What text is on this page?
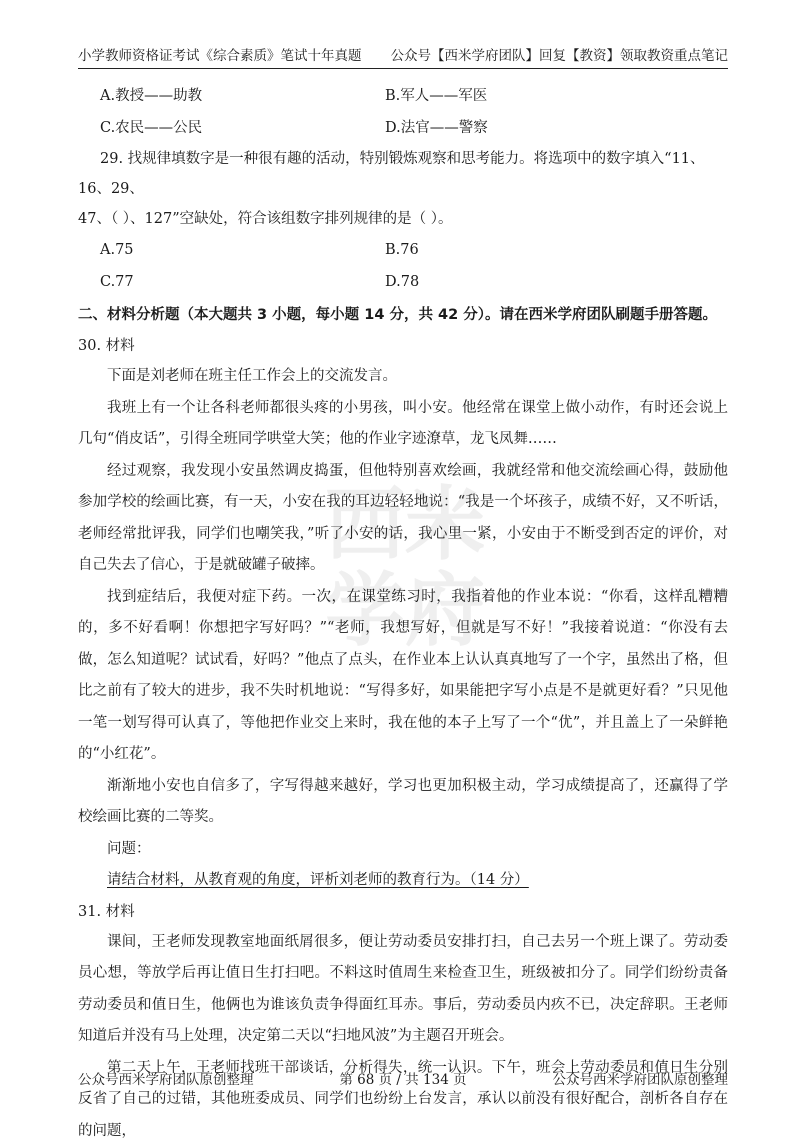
小学教师资格证考试《综合素质》笔试十年真题 公众号【西米学府团队】回复【教资】领取教资重点笔记
西米
学府
A.教授——助教	B.军人——军医
C.农民——公民	D.法官——警察

29. 找规律填数字是一种很有趣的活动，特别锻炼观察和思考能力。将选项中的数字填入“11、16、29、

47、（ ）、127”空缺处，符合该组数字排列规律的是（ ）。

A.75	B.76
C.77	D.78
二、材料分析题（本大题共 3 小题，每小题 14 分，共 42 分）。请在西米学府团队刷题手册答题。

30. 材料

下面是刘老师在班主任工作会上的交流发言。

我班上有一个让各科老师都很头疼的小男孩，叫小安。他经常在课堂上做小动作，有时还会说上几句“俏皮话”，引得全班同学哄堂大笑；他的作业字迹潦草，龙飞凤舞……

经过观察，我发现小安虽然调皮捣蛋，但他特别喜欢绘画，我就经常和他交流绘画心得，鼓励他参加学校的绘画比赛，有一天，小安在我的耳边轻轻地说：“我是一个坏孩子，成绩不好，又不听话，老师经常批评我，同学们也嘲笑我，”听了小安的话，我心里一紧，小安由于不断受到否定的评价，对自己失去了信心，于是就破罐子破摔。

找到症结后，我便对症下药。一次，在课堂练习时，我指着他的作业本说：“你看，这样乱糟糟的，多不好看啊！你想把字写好吗？”“老师，我想写好，但就是写不好！”我接着说道：“你没有去做，怎么知道呢？试试看，好吗？”他点了点头，在作业本上认认真真地写了一个字，虽然出了格，但比之前有了较大的进步，我不失时机地说：“写得多好，如果能把字写小点是不是就更好看？”只见他一笔一划写得可认真了，等他把作业交上来时，我在他的本子上写了一个“优”，并且盖上了一朵鲜艳的“小红花”。

渐渐地小安也自信多了，字写得越来越好，学习也更加积极主动，学习成绩提高了，还赢得了学校绘画比赛的二等奖。

问题：

请结合材料，从教育观的角度，评析刘老师的教育行为。（14 分）

31. 材料

课间，王老师发现教室地面纸屑很多，便让劳动委员安排打扫，自己去另一个班上课了。劳动委员心想，等放学后再让值日生打扫吧。不料这时值周生来检查卫生，班级被扣分了。同学们纷纷责备劳动委员和值日生，他俩也为谁该负责争得面红耳赤。事后，劳动委员内疚不已，决定辞职。王老师知道后并没有马上处理，决定第二天以“扫地风波”为主题召开班会。

第二天上午，王老师找班干部谈话，分析得失，统一认识。下午，班会上劳动委员和值日生分别反省了自己的过错，其他班委成员、同学们也纷纷上台发言，承认以前没有很好配合，剖析各自存在的问题，

公众号西米学府团队原创整理	第 68 页 / 共 134 页	公众号西米学府团队原创整理
